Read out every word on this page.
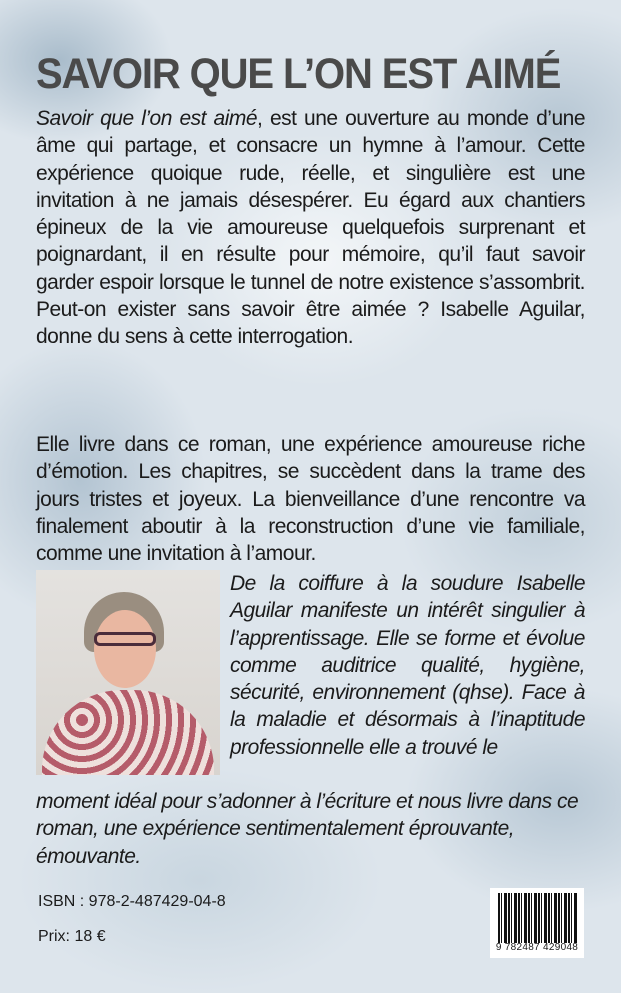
SAVOIR QUE L’ON EST AIMÉ
Savoir que l’on est aimé, est une ouverture au monde d’une âme qui partage, et consacre un hymne à l’amour. Cette expérience quoique rude, réelle, et singulière est une invitation à ne jamais désespérer. Eu égard aux chantiers épineux de la vie amoureuse quelquefois surprenant et poignardant, il en résulte pour mémoire, qu’il faut savoir garder espoir lorsque le tunnel de notre existence s’assombrit. Peut-on exister sans savoir être aimée ? Isabelle Aguilar, donne du sens à cette interrogation.
Elle livre dans ce roman, une expérience amoureuse riche d’émotion. Les chapitres, se succèdent dans la trame des jours tristes et joyeux. La bienveillance d’une rencontre va finalement aboutir à la reconstruction d’une vie familiale, comme une invitation à l’amour.
De la coiffure à la soudure Isabelle Aguilar manifeste un intérêt singulier à l’apprentissage. Elle se forme et évolue comme auditrice qualité, hygiène, sécurité, environnement (qhse). Face à la maladie et désormais à l’inaptitude professionnelle elle a trouvé le
moment idéal pour s’adonner à l’écriture et nous livre dans ce roman, une expérience sentimentalement éprouvante, émouvante.
ISBN : 978-2-487429-04-8
Prix: 18 €
9 782487 429048
